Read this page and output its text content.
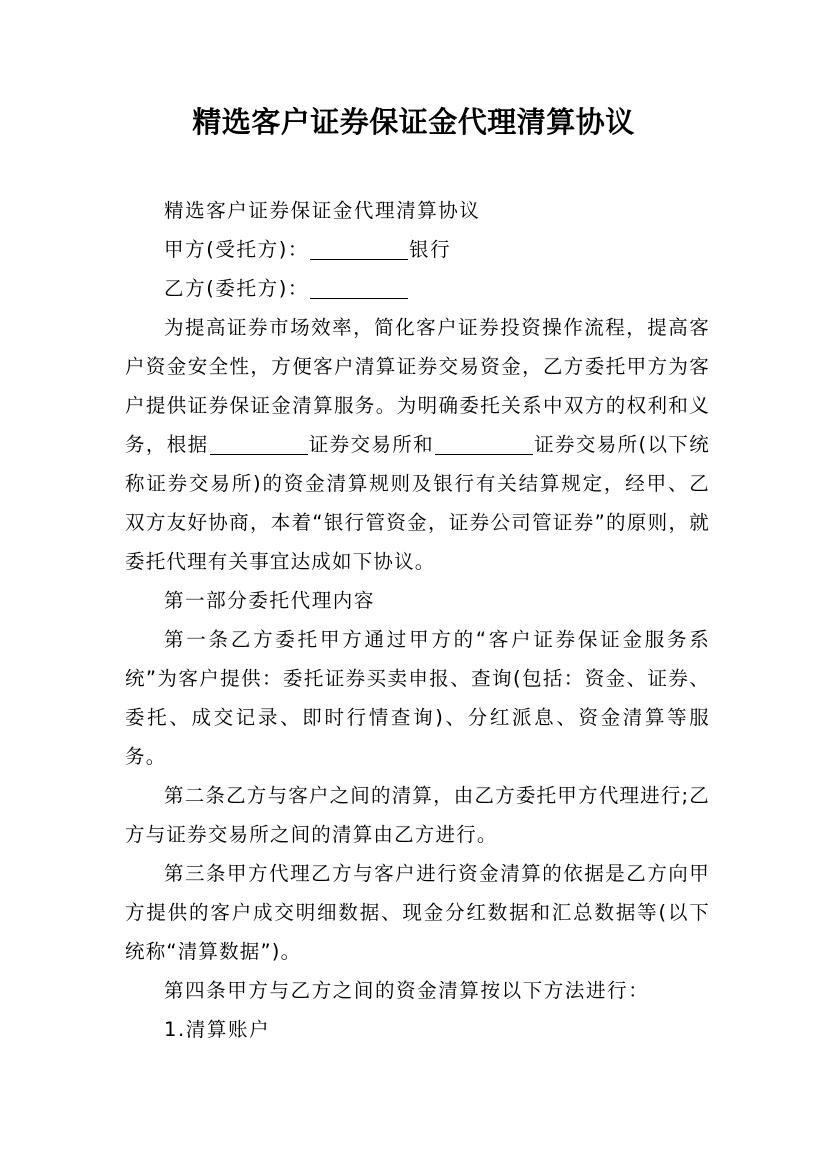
精选客户证券保证金代理清算协议

精选客户证券保证金代理清算协议

甲方(受托方)：	银行

乙方(委托方)：

为提高证券市场效率，简化客户证券投资操作流程，提高客户资金安全性，方便客户清算证券交易资金，乙方委托甲方为客户提供证券保证金清算服务。为明确委托关系中双方的权利和义务，根据	证券交易所和	证券交易所(以下统称证券交易所)的资金清算规则及银行有关结算规定，经甲、乙双方友好协商，本着“银行管资金，证券公司管证券”的原则，就委托代理有关事宜达成如下协议。

第一部分委托代理内容

第一条乙方委托甲方通过甲方的“客户证券保证金服务系统”为客户提供：委托证券买卖申报、查询(包括：资金、证券、委托、成交记录、即时行情查询)、分红派息、资金清算等服务。

第二条乙方与客户之间的清算，由乙方委托甲方代理进行;乙方与证券交易所之间的清算由乙方进行。

第三条甲方代理乙方与客户进行资金清算的依据是乙方向甲方提供的客户成交明细数据、现金分红数据和汇总数据等(以下统称“清算数据”)。

第四条甲方与乙方之间的资金清算按以下方法进行：

1.清算账户
